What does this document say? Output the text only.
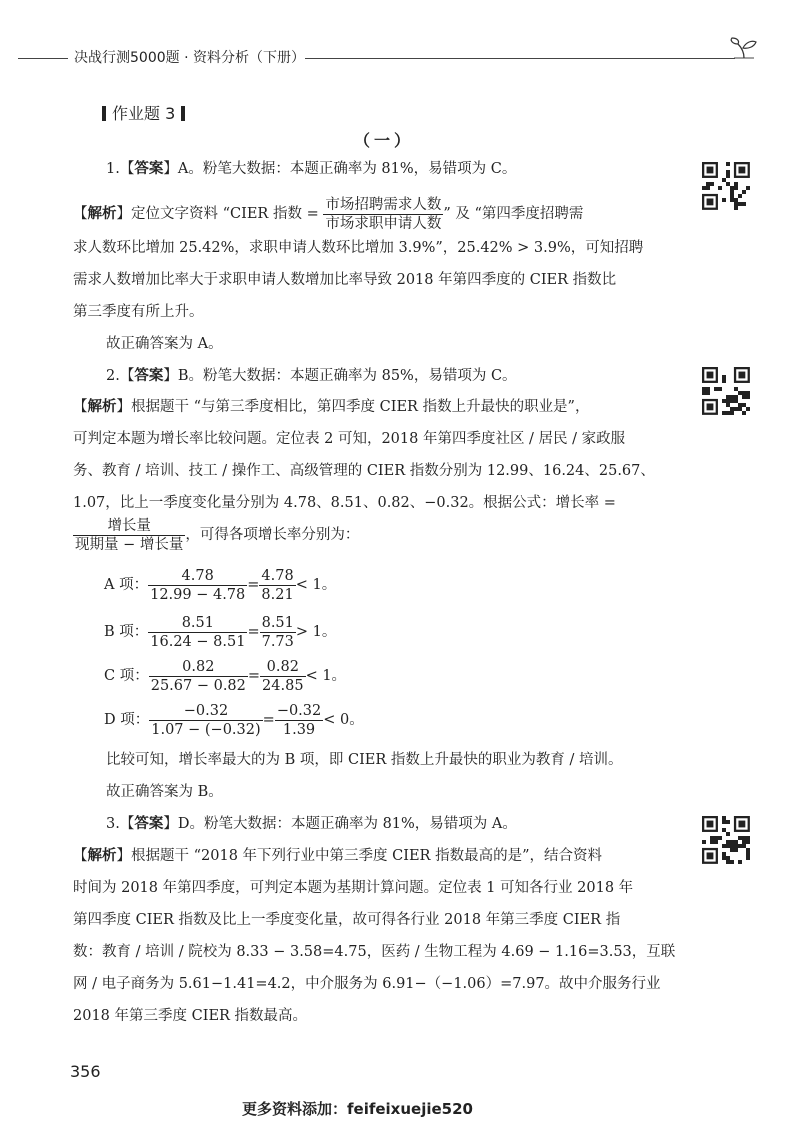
决战行测5000题 · 资料分析（下册）
作业题 3
（一）
1.【答案】A。粉笔大数据：本题正确率为 81%，易错项为 C。
【解析】定位文字资料 “CIER 指数 = $\frac{\text{市场招聘需求人数}}{\text{市场求职申请人数}}$ ” 及 “第四季度招聘需
求人数环比增加 25.42%，求职申请人数环比增加 3.9%”，25.42% > 3.9%，可知招聘
需求人数增加比率大于求职申请人数增加比率导致 2018 年第四季度的 CIER 指数比
第三季度有所上升。
故正确答案为 A。
2.【答案】B。粉笔大数据：本题正确率为 85%，易错项为 C。
【解析】根据题干 “与第三季度相比，第四季度 CIER 指数上升最快的职业是”，
可判定本题为增长率比较问题。定位表 2 可知，2018 年第四季度社区 / 居民 / 家政服
务、教育 / 培训、技工 / 操作工、高级管理的 CIER 指数分别为 12.99、16.24、25.67、
1.07，比上一季度变化量分别为 4.78、8.51、0.82、−0.32。根据公式：增长率 =
$\frac{\text{增长量}}{\text{现期量 − 增长量}}$ ，可得各项增长率分别为：
A 项： $\frac{4.78}{12.99 - 4.78} = \frac{4.78}{8.21} < 1$。
B 项： $\frac{8.51}{16.24 - 8.51} = \frac{8.51}{7.73} > 1$。
C 项： $\frac{0.82}{25.67 - 0.82} = \frac{0.82}{24.85} < 1$。
D 项： $\frac{-0.32}{1.07 - (-0.32)} = \frac{-0.32}{1.39} < 0$。
比较可知，增长率最大的为 B 项，即 CIER 指数上升最快的职业为教育 / 培训。
故正确答案为 B。
3.【答案】D。粉笔大数据：本题正确率为 81%，易错项为 A。
【解析】根据题干 “2018 年下列行业中第三季度 CIER 指数最高的是”，结合资料
时间为 2018 年第四季度，可判定本题为基期计算问题。定位表 1 可知各行业 2018 年
第四季度 CIER 指数及比上一季度变化量，故可得各行业 2018 年第三季度 CIER 指
数：教育 / 培训 / 院校为 8.33 − 3.58=4.75，医药 / 生物工程为 4.69 − 1.16=3.53，互联
网 / 电子商务为 5.61−1.41=4.2，中介服务为 6.91−（−1.06）=7.97。故中介服务行业
2018 年第三季度 CIER 指数最高。
356
更多资料添加：feifeixuejie520
